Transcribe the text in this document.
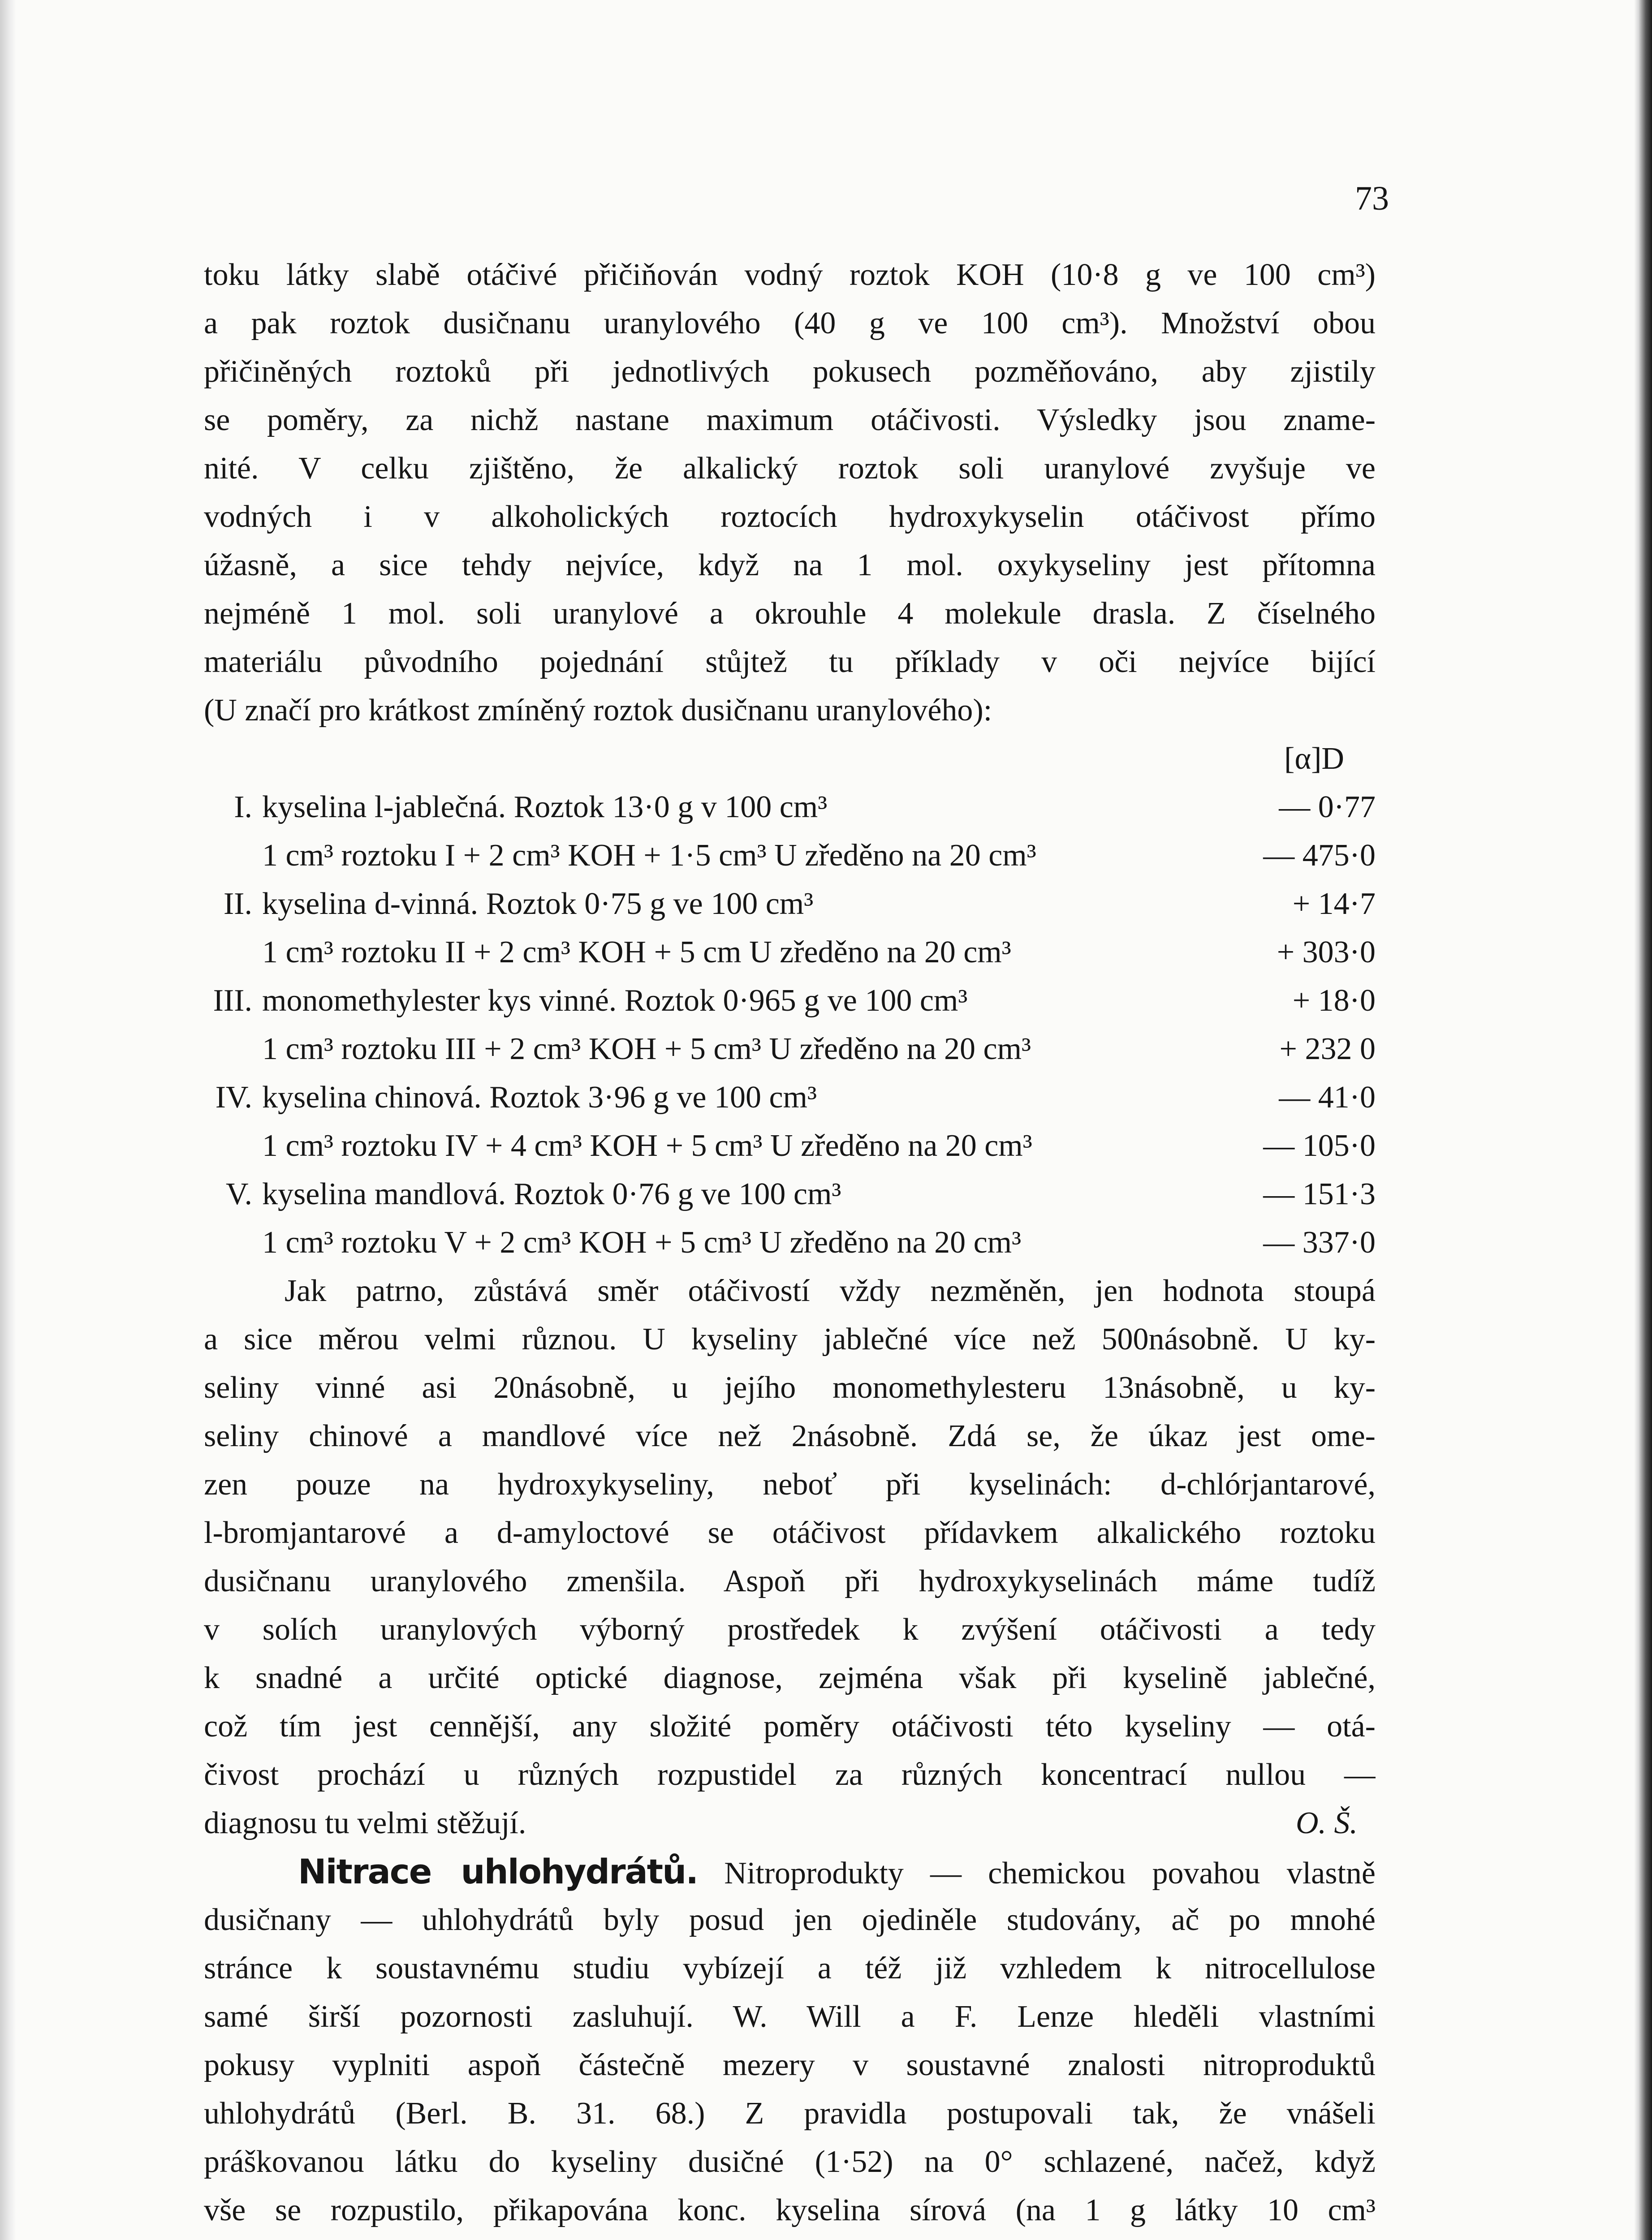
73
toku látky slabě otáčivé přičiňován vodný roztok KOH (10·8 g ve 100 cm³)
a pak roztok dusičnanu uranylového (40 g ve 100 cm³). Množství obou
přičiněných roztoků při jednotlivých pokusech pozměňováno, aby zjistily
se poměry, za nichž nastane maximum otáčivosti. Výsledky jsou zname-
nité. V celku zjištěno, že alkalický roztok soli uranylové zvyšuje ve
vodných i v alkoholických roztocích hydroxykyselin otáčivost přímo
úžasně, a sice tehdy nejvíce, když na 1 mol. oxykyseliny jest přítomna
nejméně 1 mol. soli uranylové a okrouhle 4 molekule drasla. Z číselného
materiálu původního pojednání stůjtež tu příklady v oči nejvíce bijící
(U značí pro krátkost zmíněný roztok dusičnanu uranylového):
[α]D
I. kyselina l-jablečná. Roztok 13·0 g v 100 cm³	— 0·77
1 cm³ roztoku I + 2 cm³ KOH + 1·5 cm³ U zředěno na 20 cm³	— 475·0
II. kyselina d-vinná. Roztok 0·75 g ve 100 cm³	+ 14·7
1 cm³ roztoku II + 2 cm³ KOH + 5 cm U zředěno na 20 cm³	+ 303·0
III. monomethylester kys vinné. Roztok 0·965 g ve 100 cm³	+ 18·0
1 cm³ roztoku III + 2 cm³ KOH + 5 cm³ U zředěno na 20 cm³	+ 232 0
IV. kyselina chinová. Roztok 3·96 g ve 100 cm³	— 41·0
1 cm³ roztoku IV + 4 cm³ KOH + 5 cm³ U zředěno na 20 cm³	— 105·0
V. kyselina mandlová. Roztok 0·76 g ve 100 cm³	— 151·3
1 cm³ roztoku V + 2 cm³ KOH + 5 cm³ U zředěno na 20 cm³	— 337·0
Jak patrno, zůstává směr otáčivostí vždy nezměněn, jen hodnota stoupá
a sice měrou velmi různou. U kyseliny jablečné více než 500násobně. U ky-
seliny vinné asi 20násobně, u jejího monomethylesteru 13násobně, u ky-
seliny chinové a mandlové více než 2násobně. Zdá se, že úkaz jest ome-
zen pouze na hydroxykyseliny, neboť při kyselinách: d-chlórjantarové,
l-bromjantarové a d-amyloctové se otáčivost přídavkem alkalického roztoku
dusičnanu uranylového zmenšila. Aspoň při hydroxykyselinách máme tudíž
v solích uranylových výborný prostředek k zvýšení otáčivosti a tedy
k snadné a určité optické diagnose, zejména však při kyselině jablečné,
což tím jest cennější, any složité poměry otáčivosti této kyseliny — otá-
čivost prochází u různých rozpustidel za různých koncentrací nullou —
diagnosu tu velmi stěžují.	O. Š.
Nitrace uhlohydrátů. Nitroprodukty — chemickou povahou vlastně
dusičnany — uhlohydrátů byly posud jen ojediněle studovány, ač po mnohé
stránce k soustavnému studiu vybízejí a též již vzhledem k nitrocellulose
samé širší pozornosti zasluhují. W. Will a F. Lenze hleděli vlastními
pokusy vyplniti aspoň částečně mezery v soustavné znalosti nitroproduktů
uhlohydrátů (Berl. B. 31. 68.) Z pravidla postupovali tak, že vnášeli
práškovanou látku do kyseliny dusičné (1·52) na 0° schlazené, načež, když
vše se rozpustilo, přikapována konc. kyselina sírová (na 1 g látky 10 cm³
